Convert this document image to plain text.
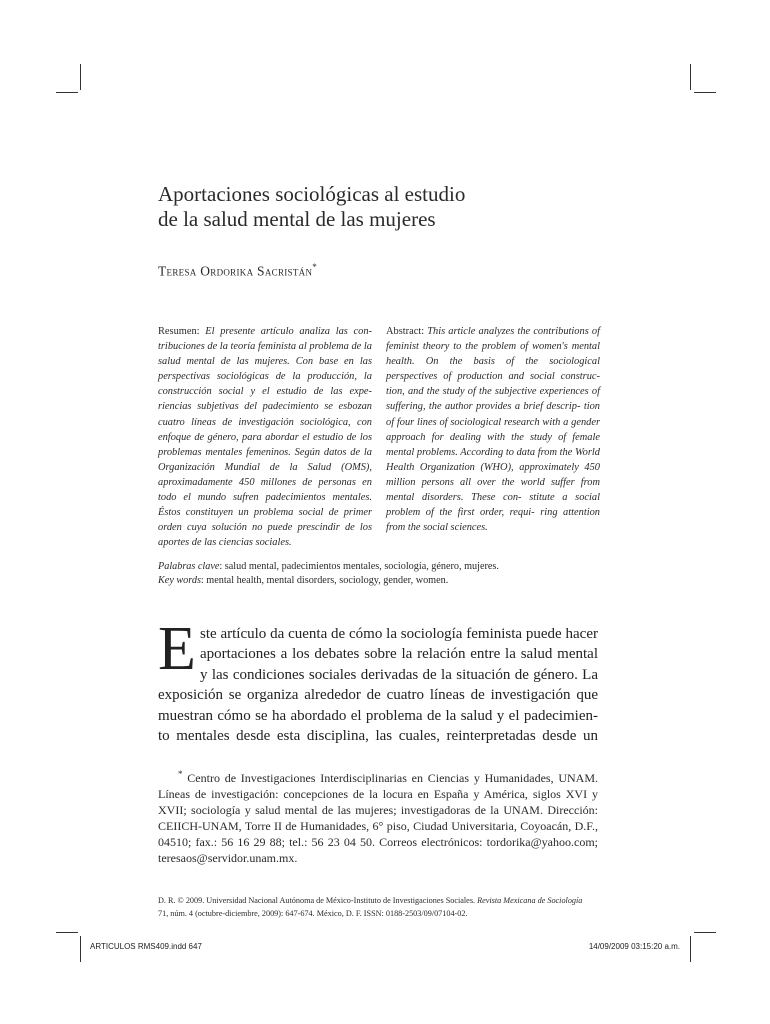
Aportaciones sociológicas al estudio
de la salud mental de las mujeres
Teresa Ordorika Sacristán*
Resumen: El presente artículo analiza las con- tribuciones de la teoría feminista al problema de la salud mental de las mujeres. Con base en las perspectivas sociológicas de la producción, la construcción social y el estudio de las expe- riencias subjetivas del padecimiento se esbozan cuatro líneas de investigación sociológica, con enfoque de género, para abordar el estudio de los problemas mentales femeninos. Según datos de la Organización Mundial de la Salud (OMS), aproximadamente 450 millones de personas en todo el mundo sufren padecimientos mentales. Éstos constituyen un problema social de primer orden cuya solución no puede prescindir de los aportes de las ciencias sociales.
Abstract: This article analyzes the contributions of feminist theory to the problem of women's mental health. On the basis of the sociological perspectives of production and social construc- tion, and the study of the subjective experiences of suffering, the author provides a brief descrip- tion of four lines of sociological research with a gender approach for dealing with the study of female mental problems. According to data from the World Health Organization (WHO), approximately 450 million persons all over the world suffer from mental disorders. These con- stitute a social problem of the first order, requi- ring attention from the social sciences.
Palabras clave: salud mental, padecimientos mentales, sociología, género, mujeres.
Key words: mental health, mental disorders, sociology, gender, women.
E ste artículo da cuenta de cómo la sociología feminista puede hacer
aportaciones a los debates sobre la relación entre la salud mental
y las condiciones sociales derivadas de la situación de género. La
exposición se organiza alrededor de cuatro líneas de investigación que
muestran cómo se ha abordado el problema de la salud y el padecimien-
to mentales desde esta disciplina, las cuales, reinterpretadas desde un
* Centro de Investigaciones Interdisciplinarias en Ciencias y Humanidades, UNAM.
Líneas de investigación: concepciones de la locura en España y América, siglos XVI y
XVII; sociología y salud mental de las mujeres; investigadoras de la UNAM. Dirección:
CEIICH-UNAM, Torre II de Humanidades, 6° piso, Ciudad Universitaria, Coyoacán, D.F.,
04510; fax.: 56 16 29 88; tel.: 56 23 04 50. Correos electrónicos: tordorika@yahoo.com;
teresaos@servidor.unam.mx.
D. R. © 2009. Universidad Nacional Autónoma de México-Instituto de Investigaciones Sociales. Revista Mexicana de Sociología
71, núm. 4 (octubre-diciembre, 2009): 647-674. México, D. F. ISSN: 0188-2503/09/07104-02.
ARTICULOS RMS409.indd 647	14/09/2009 03:15:20 a.m.
